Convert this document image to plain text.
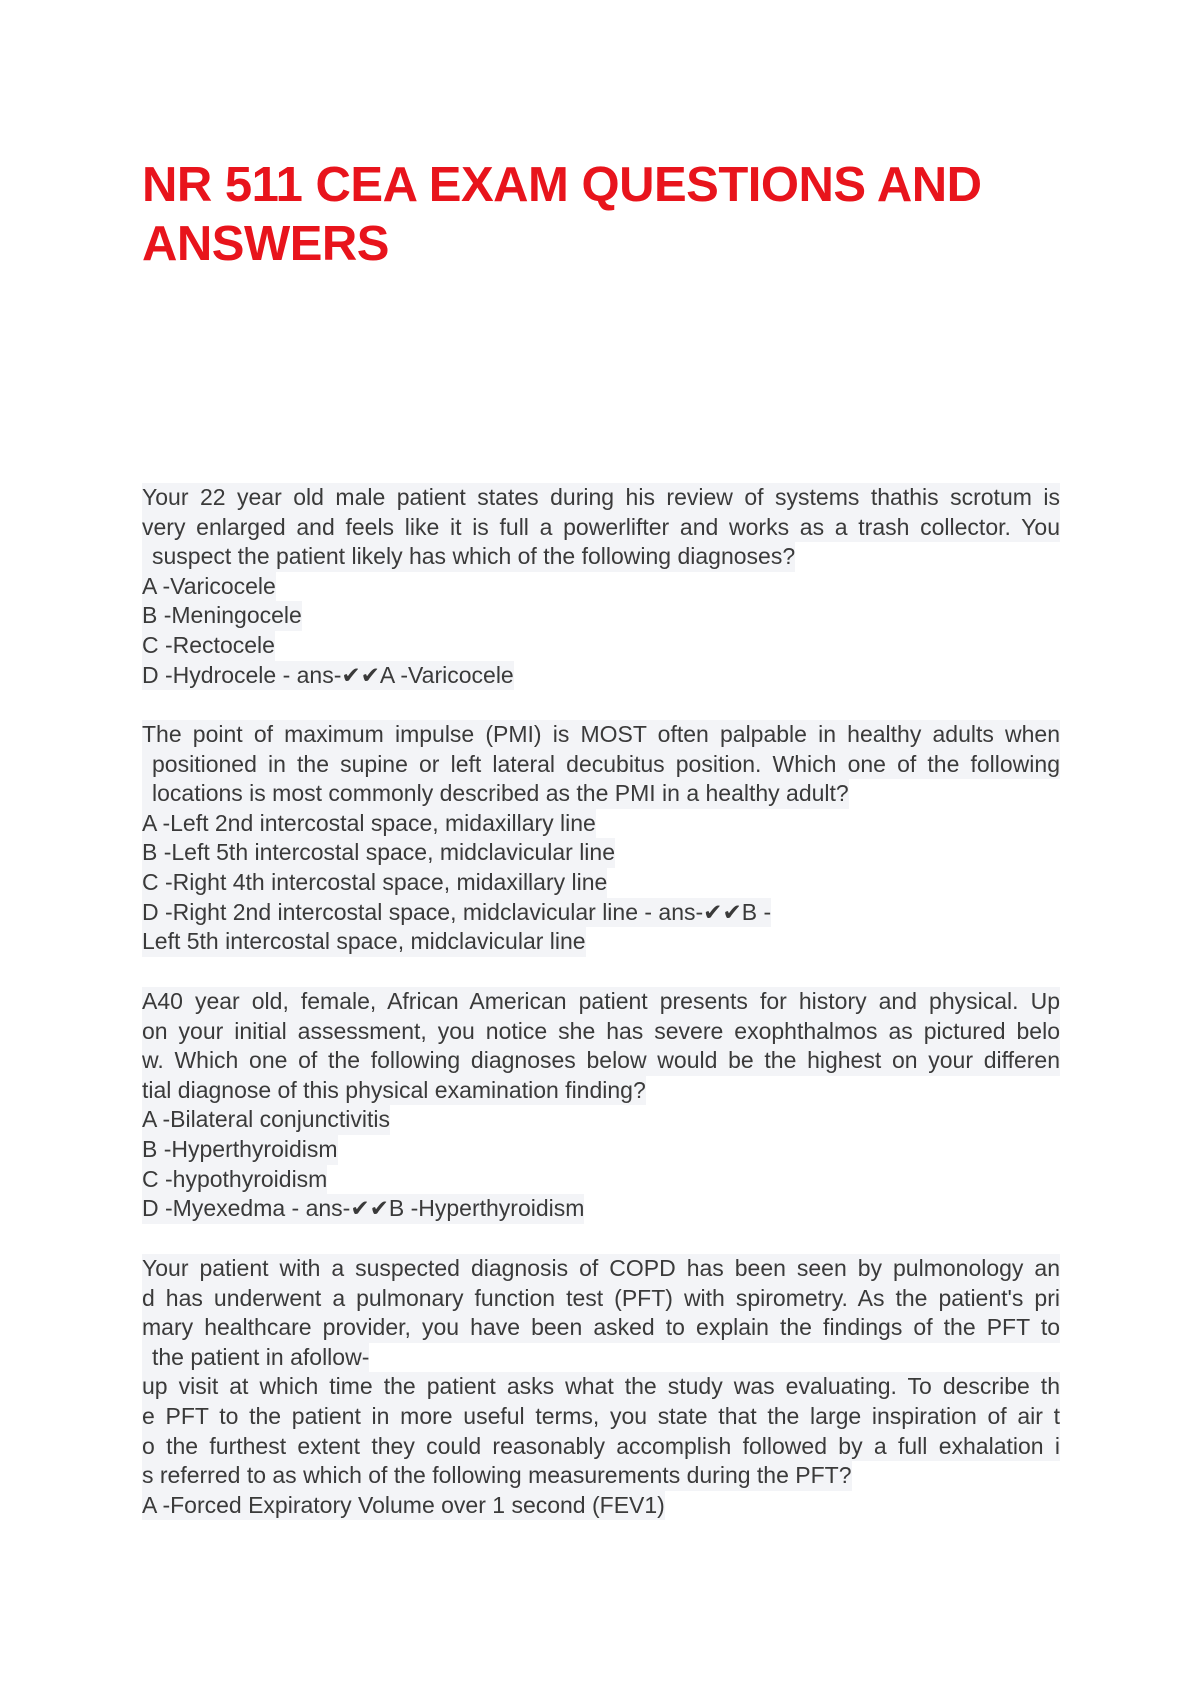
NR 511 CEA EXAM QUESTIONS AND
ANSWERS
Your 22 year old male patient states during his review of systems thathis scrotum is
very enlarged and feels like it is full a powerlifter and works as a trash collector. You
suspect the patient likely has which of the following diagnoses?
A -Varicocele
B -Meningocele
C -Rectocele
D -Hydrocele - ans-✔✔A -Varicocele
The point of maximum impulse (PMI) is MOST often palpable in healthy adults when
positioned in the supine or left lateral decubitus position. Which one of the following
locations is most commonly described as the PMI in a healthy adult?
A -Left 2nd intercostal space, midaxillary line
B -Left 5th intercostal space, midclavicular line
C -Right 4th intercostal space, midaxillary line
D -Right 2nd intercostal space, midclavicular line - ans-✔✔B -
Left 5th intercostal space, midclavicular line
A40 year old, female, African American patient presents for history and physical. Up
on your initial assessment, you notice she has severe exophthalmos as pictured belo
w. Which one of the following diagnoses below would be the highest on your differen
tial diagnose of this physical examination finding?
A -Bilateral conjunctivitis
B -Hyperthyroidism
C -hypothyroidism
D -Myexedma - ans-✔✔B -Hyperthyroidism
Your patient with a suspected diagnosis of COPD has been seen by pulmonology an
d has underwent a pulmonary function test (PFT) with spirometry. As the patient's pri
mary healthcare provider, you have been asked to explain the findings of the PFT to
the patient in afollow-
up visit at which time the patient asks what the study was evaluating. To describe th
e PFT to the patient in more useful terms, you state that the large inspiration of air t
o the furthest extent they could reasonably accomplish followed by a full exhalation i
s referred to as which of the following measurements during the PFT?
A -Forced Expiratory Volume over 1 second (FEV1)
